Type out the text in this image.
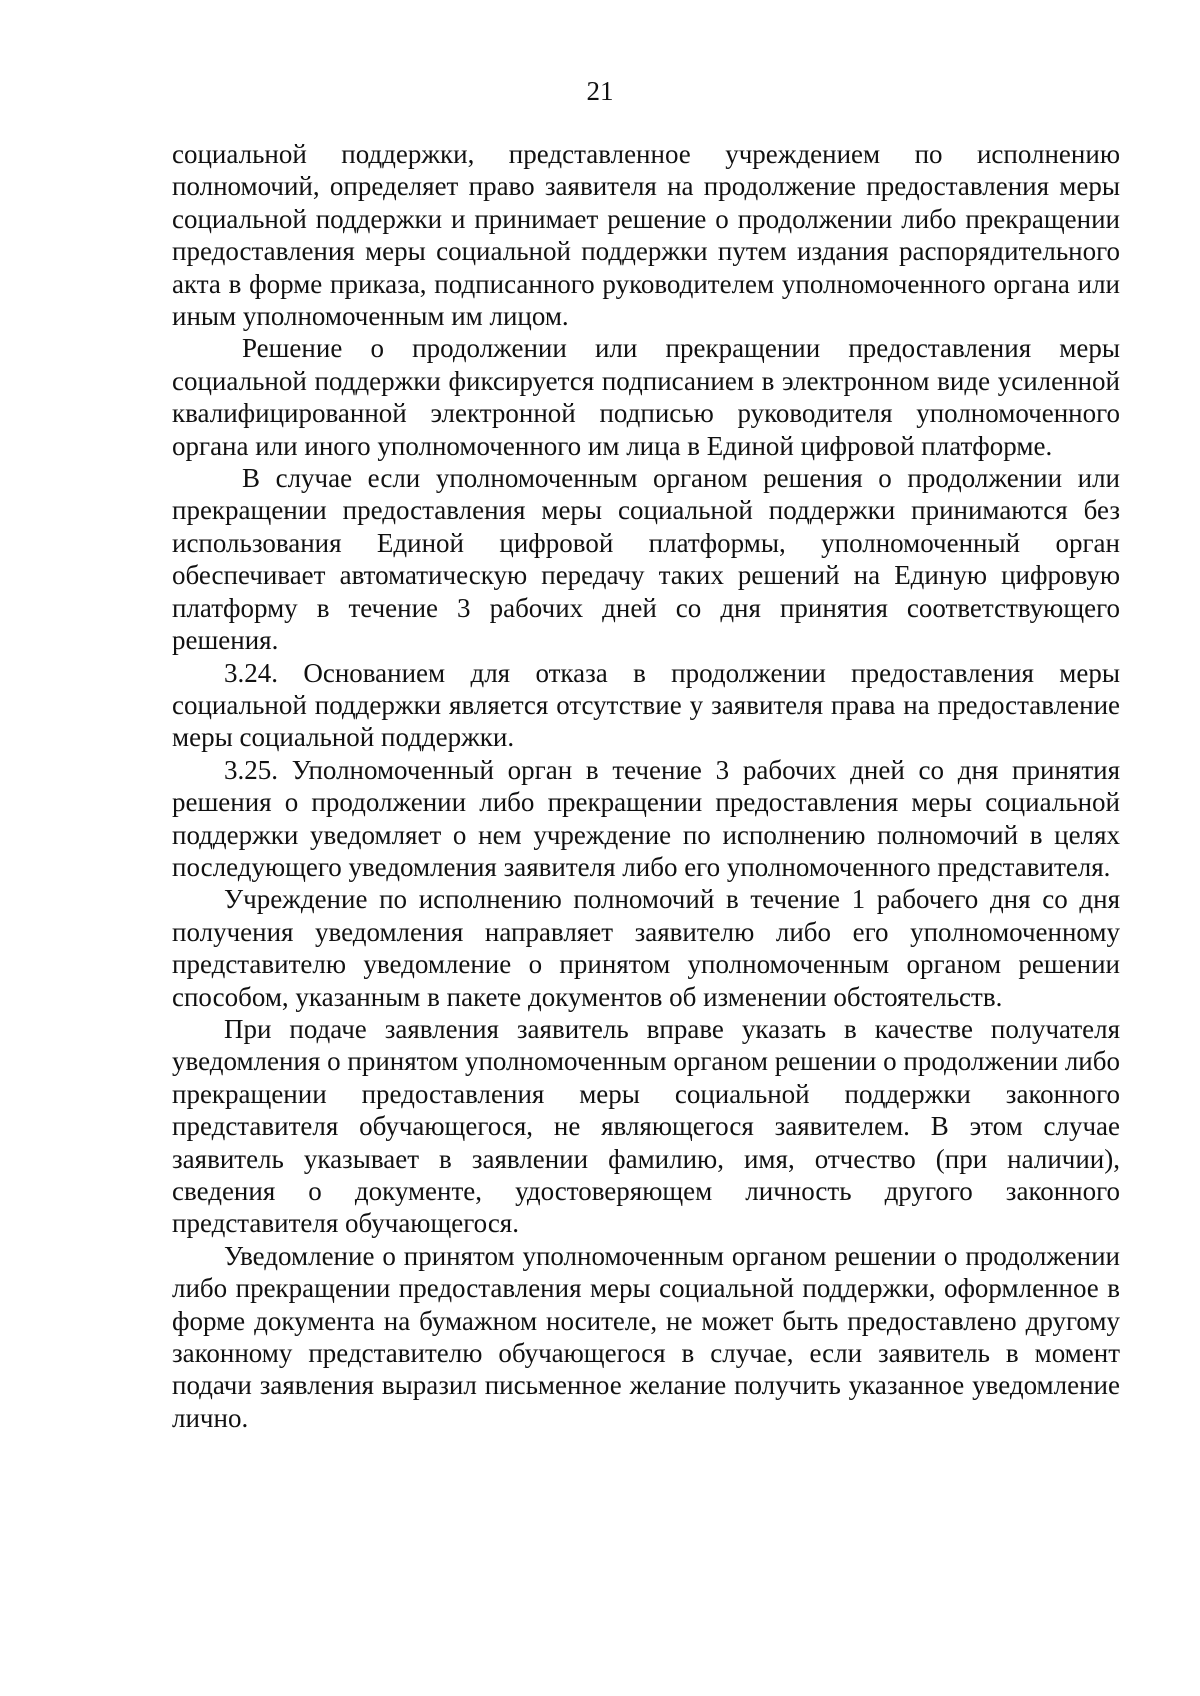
21

социальной поддержки, представленное учреждением по исполнению полномочий, определяет право заявителя на продолжение предоставления меры социальной поддержки и принимает решение о продолжении либо прекращении предоставления меры социальной поддержки путем издания распорядительного акта в форме приказа, подписанного руководителем уполномоченного органа или иным уполномоченным им лицом.

Решение о продолжении или прекращении предоставления меры социальной поддержки фиксируется подписанием в электронном виде усиленной квалифицированной электронной подписью руководителя уполномоченного органа или иного уполномоченного им лица в Единой цифровой платформе.

В случае если уполномоченным органом решения о продолжении или прекращении предоставления меры социальной поддержки принимаются без использования Единой цифровой платформы, уполномоченный орган обеспечивает автоматическую передачу таких решений на Единую цифровую платформу в течение 3 рабочих дней со дня принятия соответствующего решения.

3.24. Основанием для отказа в продолжении предоставления меры социальной поддержки является отсутствие у заявителя права на предоставление меры социальной поддержки.

3.25. Уполномоченный орган в течение 3 рабочих дней со дня принятия решения о продолжении либо прекращении предоставления меры социальной поддержки уведомляет о нем учреждение по исполнению полномочий в целях последующего уведомления заявителя либо его уполномоченного представителя.

Учреждение по исполнению полномочий в течение 1 рабочего дня со дня получения уведомления направляет заявителю либо его уполномоченному представителю уведомление о принятом уполномоченным органом решении способом, указанным в пакете документов об изменении обстоятельств.

При подаче заявления заявитель вправе указать в качестве получателя уведомления о принятом уполномоченным органом решении о продолжении либо прекращении предоставления меры социальной поддержки законного представителя обучающегося, не являющегося заявителем. В этом случае заявитель указывает в заявлении фамилию, имя, отчество (при наличии), сведения о документе, удостоверяющем личность другого законного представителя обучающегося.

Уведомление о принятом уполномоченным органом решении о продолжении либо прекращении предоставления меры социальной поддержки, оформленное в форме документа на бумажном носителе, не может быть предоставлено другому законному представителю обучающегося в случае, если заявитель в момент подачи заявления выразил письменное желание получить указанное уведомление лично.
